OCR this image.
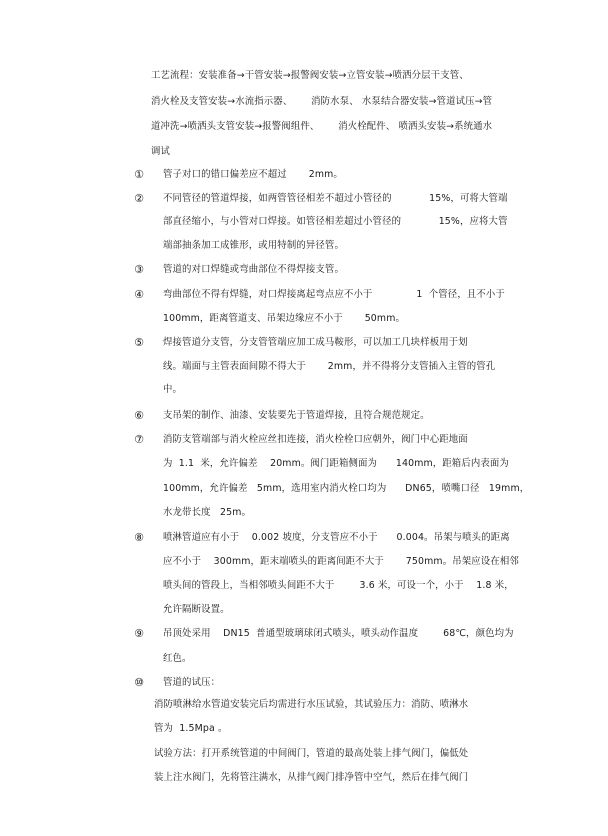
工艺流程：安装准备→干管安装→报警阀安装→立管安装→喷洒分层干支管、
消火栓及支管安装→水流指示器、      消防水泵、 水泵结合器安装→管道试压→管
道冲洗→喷洒头支管安装→报警阀组件、      消火栓配件、 喷洒头安装→系统通水
调试
① 管子对口的错口偏差应不超过       2mm。
② 不同管径的管道焊接，如两管管径相差不超过小管径的            15%，可将大管端
部直径缩小，与小管对口焊接。如管径相差超过小管径的            15%，应将大管
端部抽条加工成锥形，或用特制的异径管。
③ 管道的对口焊缝或弯曲部位不得焊接支管。
④ 弯曲部位不得有焊缝，对口焊接离起弯点应不小于              1  个管径，且不小于
100mm，距离管道支、吊架边缘应不小于       50mm。
⑤ 焊接管道分支管，分支管管端应加工成马鞍形，可以加工几块样板用于划
线。端面与主管表面间隙不得大于       2mm，并不得将分支管插入主管的管孔
中。
⑥ 支吊架的制作、油漆、安装要先于管道焊接，且符合规范规定。
⑦ 消防支管端部与消火栓应丝扣连接，消火栓栓口应朝外，阀门中心距地面
为  1.1  米，允许偏差    20mm。阀门距箱侧面为      140mm，距箱后内表面为
100mm，允许偏差   5mm，选用室内消火栓口均为      DN65，喷嘴口径   19mm，
水龙带长度   25m。
⑧ 喷淋管道应有小于    0.002 坡度，分支管应不小于      0.004。吊架与喷头的距离
应不小于    300mm，距末端喷头的距离间距不大于       750mm。吊架应设在相邻
喷头间的管段上，当相邻喷头间距不大于        3.6 米，可设一个，小于    1.8 米，
允许隔断设置。
⑨ 吊顶处采用    DN15  普通型玻璃球闭式喷头，喷头动作温度        68℃，颜色均为
红色。
⑩ 管道的试压：
消防喷淋给水管道安装完后均需进行水压试验，其试验压力：消防、喷淋水
管为  1.5Mpa 。
试验方法：打开系统管道的中间阀门，管道的最高处装上排气阀门，偏低处
装上注水阀门，先将管注满水，从排气阀门排净管中空气，然后在排气阀门
